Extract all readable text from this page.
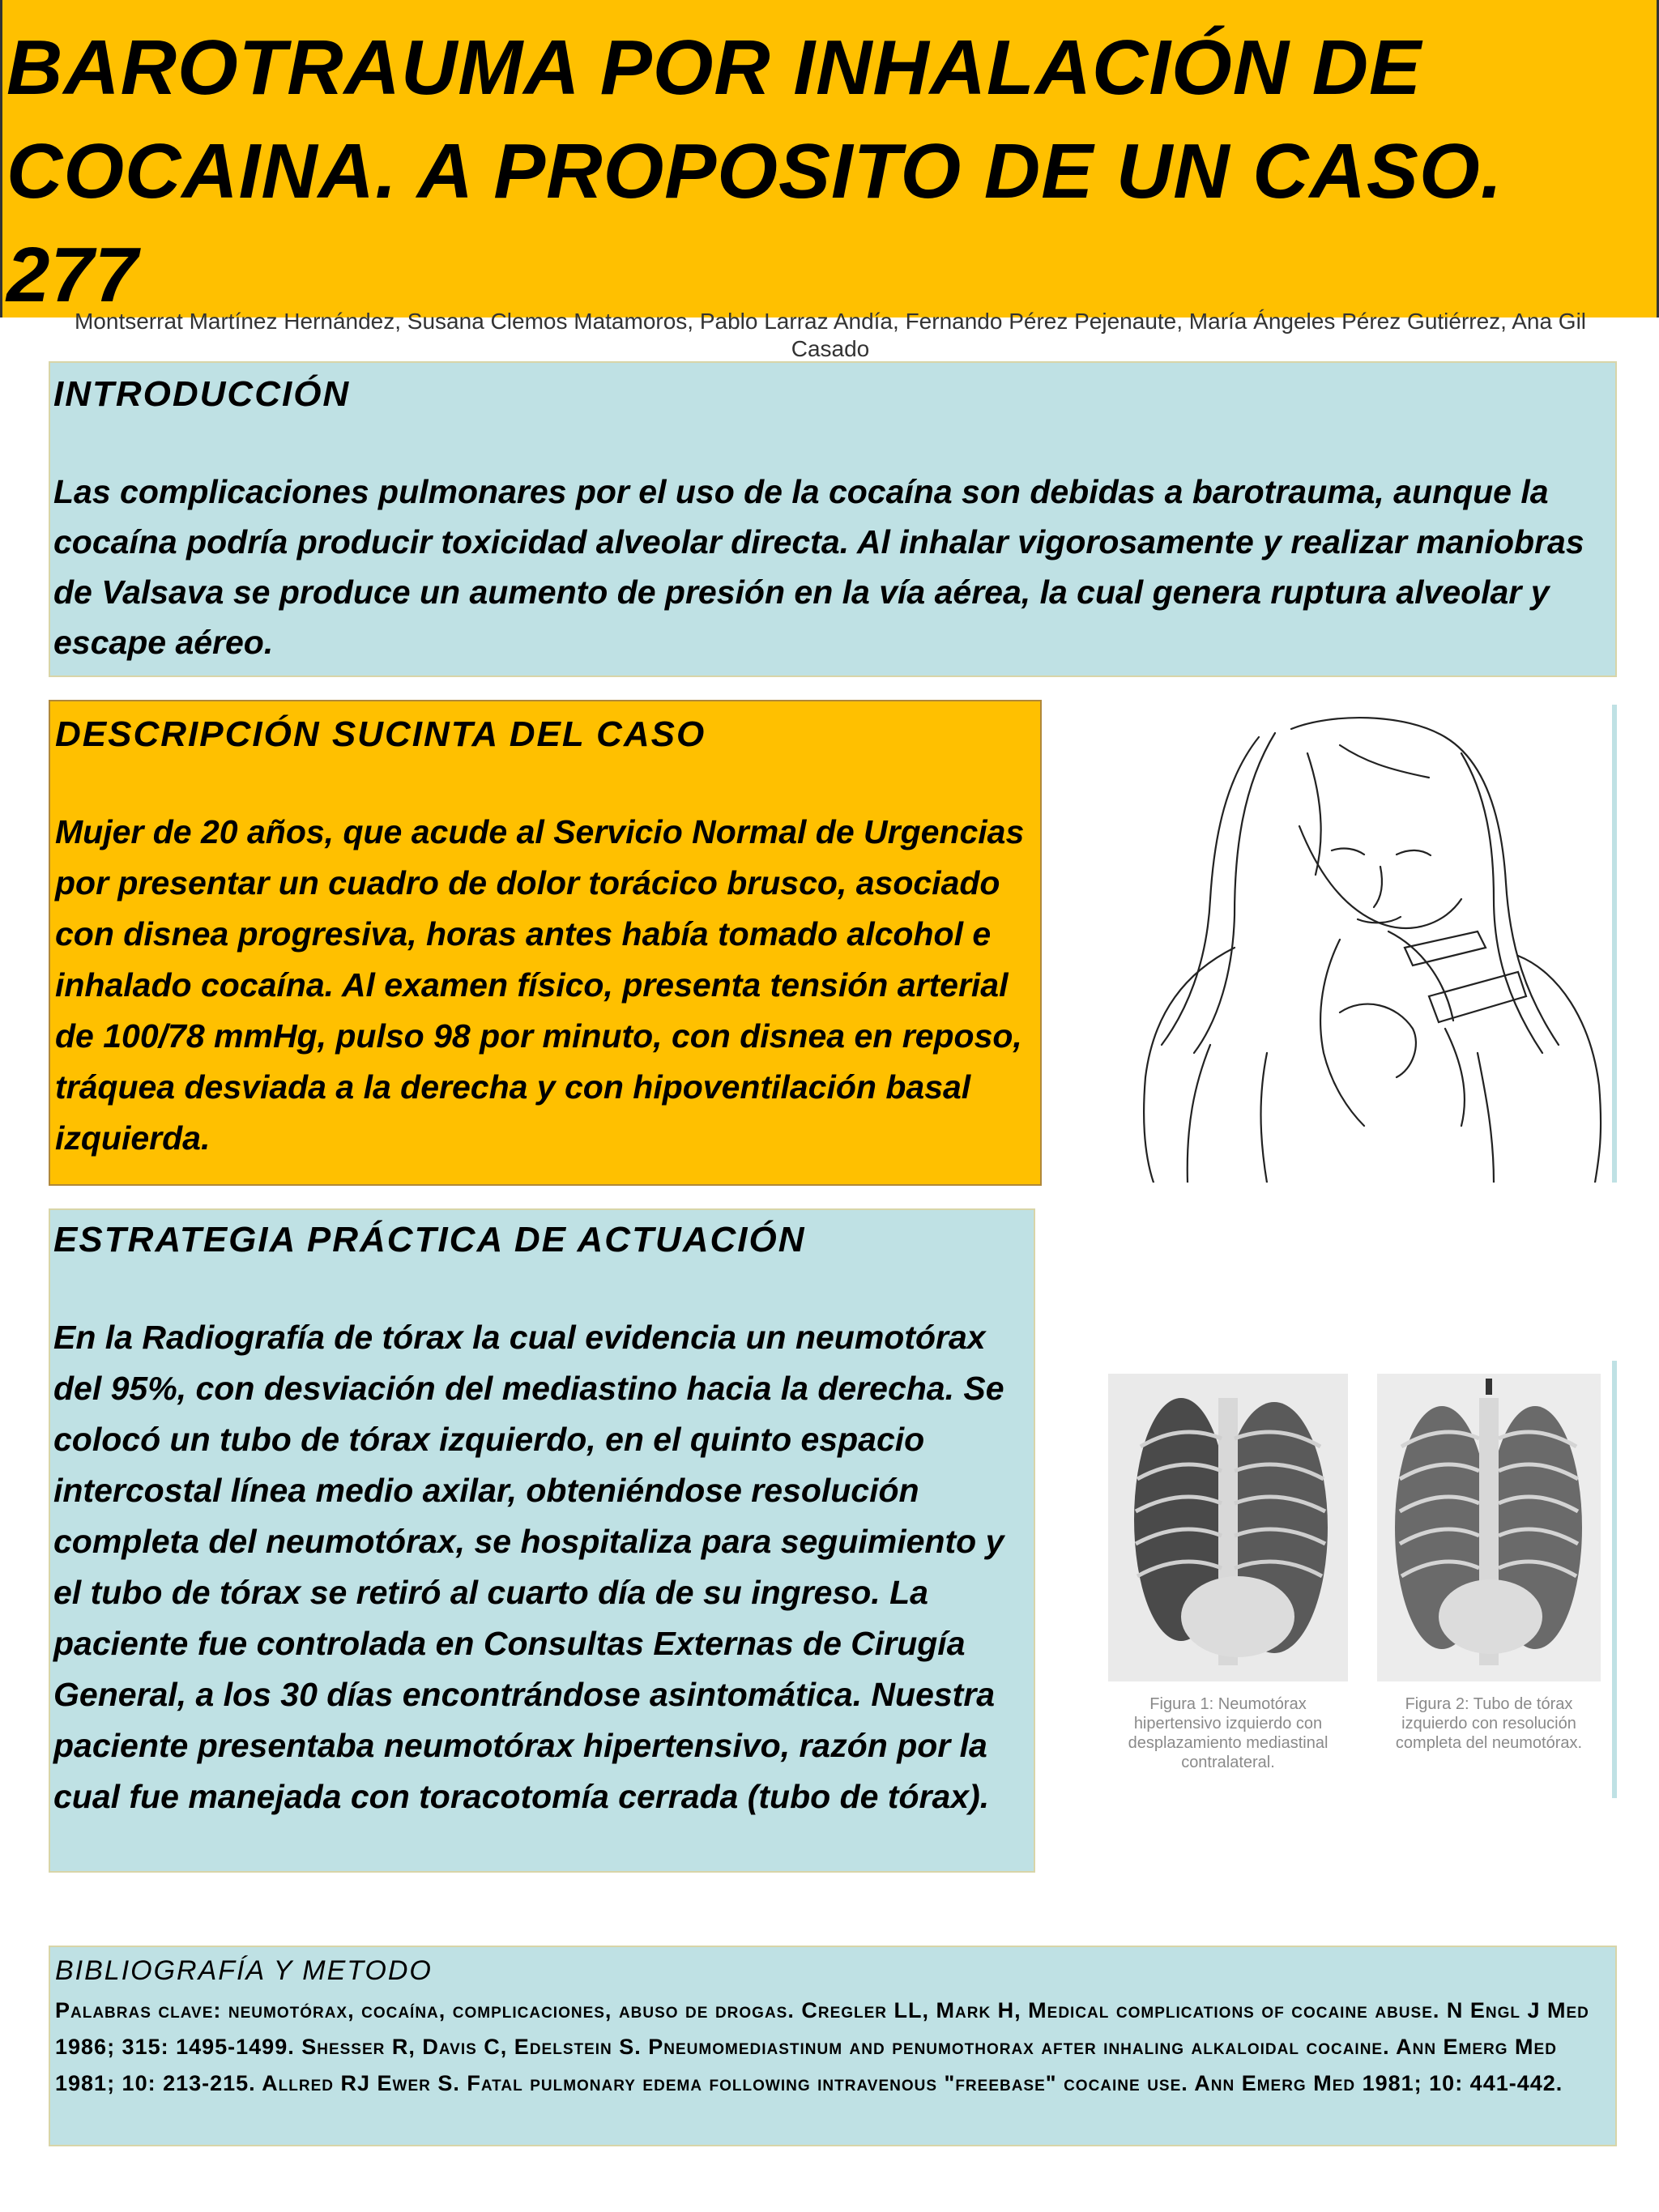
BAROTRAUMA POR INHALACIÓN DE
COCAINA. A PROPOSITO DE UN CASO.
277
Montserrat Martínez Hernández, Susana Clemos Matamoros, Pablo Larraz Andía, Fernando Pérez Pejenaute, María Ángeles Pérez Gutiérrez, Ana Gil Casado
INTRODUCCIÓN

Las complicaciones pulmonares por el uso de la cocaína son debidas a barotrauma, aunque la cocaína podría producir toxicidad alveolar directa. Al inhalar vigorosamente y realizar maniobras de Valsava se produce un aumento de presión en la vía aérea, la cual genera ruptura alveolar y escape aéreo.

DESCRIPCIÓN SUCINTA DEL CASO

Mujer de 20 años, que acude al Servicio Normal de Urgencias por presentar un cuadro de dolor torácico brusco, asociado con disnea progresiva, horas antes había tomado alcohol e inhalado cocaína. Al examen físico, presenta tensión arterial de 100/78 mmHg, pulso 98 por minuto, con disnea en reposo, tráquea desviada a la derecha y con hipoventilación basal izquierda.

ESTRATEGIA PRÁCTICA DE ACTUACIÓN

En la Radiografía de tórax la cual evidencia un neumotórax del 95%, con desviación del mediastino hacia la derecha. Se colocó un tubo de tórax izquierdo, en el quinto espacio intercostal línea medio axilar, obteniéndose resolución completa del neumotórax, se hospitaliza para seguimiento y el tubo de tórax se retiró al cuarto día de su ingreso. La paciente fue controlada en Consultas Externas de Cirugía General, a los 30 días encontrándose asintomática. Nuestra paciente presentaba neumotórax hipertensivo, razón por la cual fue manejada con toracotomía cerrada (tubo de tórax).

Figura 1: Neumotórax hipertensivo izquierdo con desplazamiento mediastinal contralateral.

Figura 2: Tubo de tórax izquierdo con resolución completa del neumotórax.

BIBLIOGRAFÍA Y METODO

Palabras clave: neumotórax, cocaína, complicaciones, abuso de drogas. Cregler LL, Mark H, Medical complications of cocaine abuse. N Engl J Med 1986; 315: 1495-1499. Shesser R, Davis C, Edelstein S. Pneumomediastinum and penumothorax after inhaling alkaloidal cocaine. Ann Emerg Med 1981; 10: 213-215. Allred RJ Ewer S. Fatal pulmonary edema following intravenous "freebase" cocaine use. Ann Emerg Med 1981; 10: 441-442.
